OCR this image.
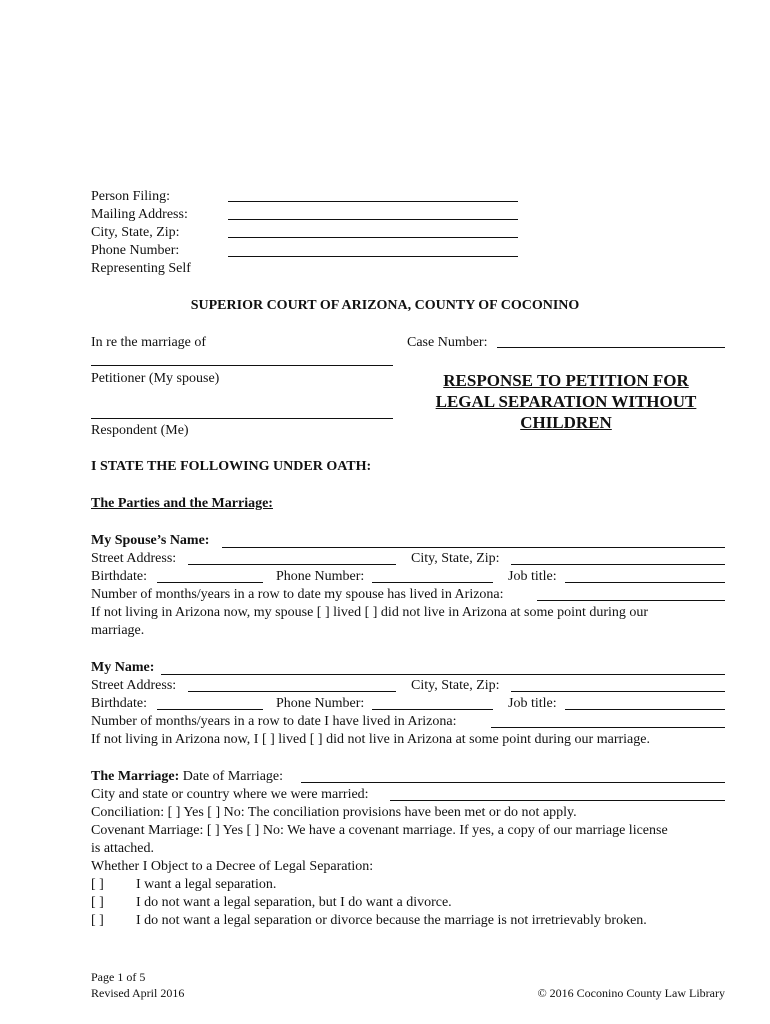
Person Filing:
Mailing Address:
City, State, Zip:
Phone Number:
Representing Self
SUPERIOR COURT OF ARIZONA, COUNTY OF COCONINO
In re the marriage of	Case Number:
Petitioner (My spouse)
Respondent (Me)
RESPONSE TO PETITION FOR
LEGAL SEPARATION WITHOUT
CHILDREN
I STATE THE FOLLOWING UNDER OATH:
The Parties and the Marriage:
My Spouse’s Name:
Street Address:	City, State, Zip:
Birthdate:	Phone Number:	Job title:
Number of months/years in a row to date my spouse has lived in Arizona:
If not living in Arizona now, my spouse [ ] lived [ ] did not live in Arizona at some point during our
marriage.
My Name:
Street Address:	City, State, Zip:
Birthdate:	Phone Number:	Job title:
Number of months/years in a row to date I have lived in Arizona:
If not living in Arizona now, I [ ] lived [ ] did not live in Arizona at some point during our marriage.
The Marriage: Date of Marriage:
City and state or country where we were married:
Conciliation: [ ] Yes [ ] No: The conciliation provisions have been met or do not apply.
Covenant Marriage: [ ] Yes [ ] No: We have a covenant marriage. If yes, a copy of our marriage license
is attached.
Whether I Object to a Decree of Legal Separation:
[ ] I want a legal separation.
[ ] I do not want a legal separation, but I do want a divorce.
[ ] I do not want a legal separation or divorce because the marriage is not irretrievably broken.
Page 1 of 5
Revised April 2016	© 2016 Coconino County Law Library
